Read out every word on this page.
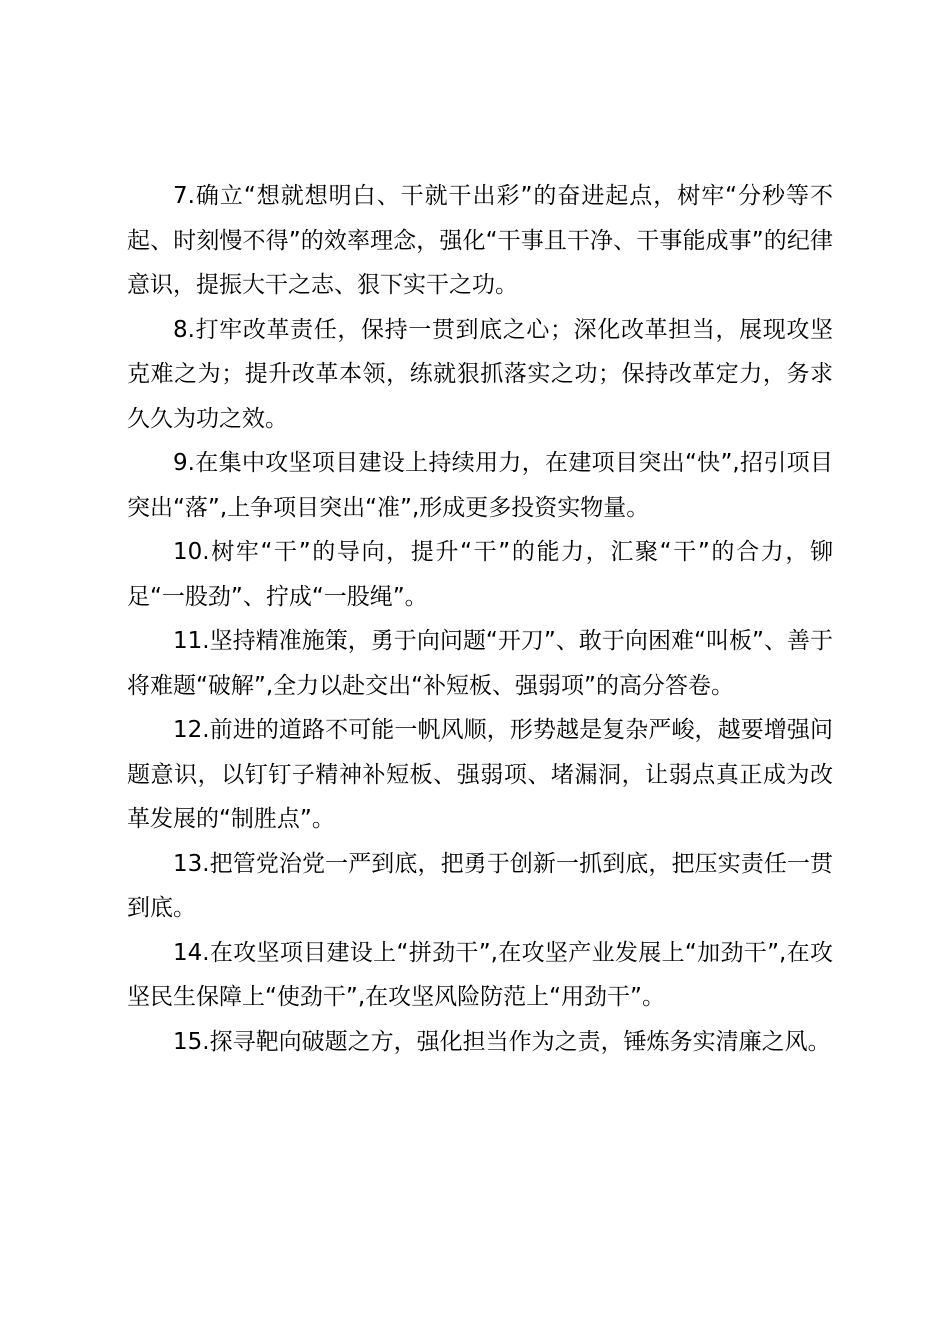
7.确立“想就想明白、干就干出彩”的奋进起点，树牢“分秒等不起、时刻慢不得”的效率理念，强化“干事且干净、干事能成事”的纪律意识，提振大干之志、狠下实干之功。

8.打牢改革责任，保持一贯到底之心；深化改革担当，展现攻坚克难之为；提升改革本领，练就狠抓落实之功；保持改革定力，务求久久为功之效。

9.在集中攻坚项目建设上持续用力，在建项目突出“快”,招引项目突出“落”,上争项目突出“准”,形成更多投资实物量。

10.树牢“干”的导向，提升“干”的能力，汇聚“干”的合力，铆足“一股劲”、拧成“一股绳”。

11.坚持精准施策，勇于向问题“开刀”、敢于向困难“叫板”、善于将难题“破解”,全力以赴交出“补短板、强弱项”的高分答卷。

12.前进的道路不可能一帆风顺，形势越是复杂严峻，越要增强问题意识，以钉钉子精神补短板、强弱项、堵漏洞，让弱点真正成为改革发展的“制胜点”。

13.把管党治党一严到底，把勇于创新一抓到底，把压实责任一贯到底。

14.在攻坚项目建设上“拼劲干”,在攻坚产业发展上“加劲干”,在攻坚民生保障上“使劲干”,在攻坚风险防范上“用劲干”。

15.探寻靶向破题之方，强化担当作为之责，锤炼务实清廉之风。
